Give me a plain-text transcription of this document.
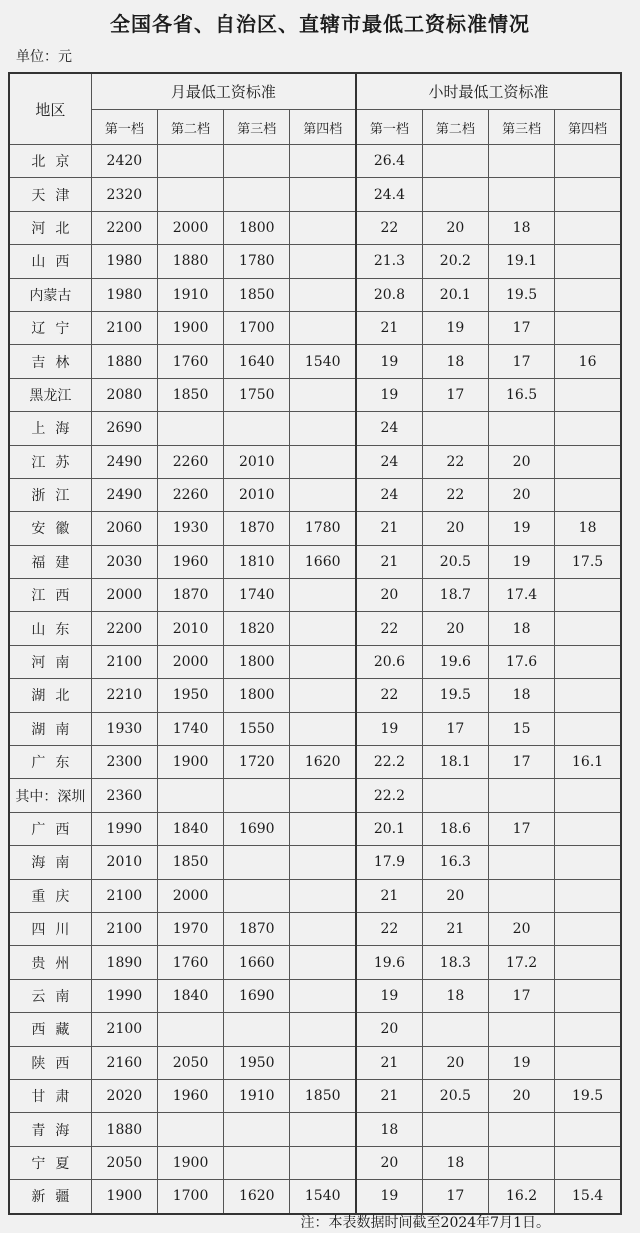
全国各省、自治区、直辖市最低工资标准情况
单位：元
地区	月最低工资标准				小时最低工资标准			
	第一档	第二档	第三档	第四档	第一档	第二档	第三档	第四档
北京	2420				26.4			
天津	2320				24.4			
河北	2200	2000	1800		22	20	18	
山西	1980	1880	1780		21.3	20.2	19.1	
内蒙古	1980	1910	1850		20.8	20.1	19.5	
辽宁	2100	1900	1700		21	19	17	
吉林	1880	1760	1640	1540	19	18	17	16
黑龙江	2080	1850	1750		19	17	16.5	
上海	2690				24			
江苏	2490	2260	2010		24	22	20	
浙江	2490	2260	2010		24	22	20	
安徽	2060	1930	1870	1780	21	20	19	18
福建	2030	1960	1810	1660	21	20.5	19	17.5
江西	2000	1870	1740		20	18.7	17.4	
山东	2200	2010	1820		22	20	18	
河南	2100	2000	1800		20.6	19.6	17.6	
湖北	2210	1950	1800		22	19.5	18	
湖南	1930	1740	1550		19	17	15	
广东	2300	1900	1720	1620	22.2	18.1	17	16.1
其中：深圳	2360				22.2			
广西	1990	1840	1690		20.1	18.6	17	
海南	2010	1850			17.9	16.3		
重庆	2100	2000			21	20		
四川	2100	1970	1870		22	21	20	
贵州	1890	1760	1660		19.6	18.3	17.2	
云南	1990	1840	1690		19	18	17	
西藏	2100				20			
陕西	2160	2050	1950		21	20	19	
甘肃	2020	1960	1910	1850	21	20.5	20	19.5
青海	1880				18			
宁夏	2050	1900			20	18		
新疆	1900	1700	1620	1540	19	17	16.2	15.4
注：本表数据时间截至2024年7月1日。
